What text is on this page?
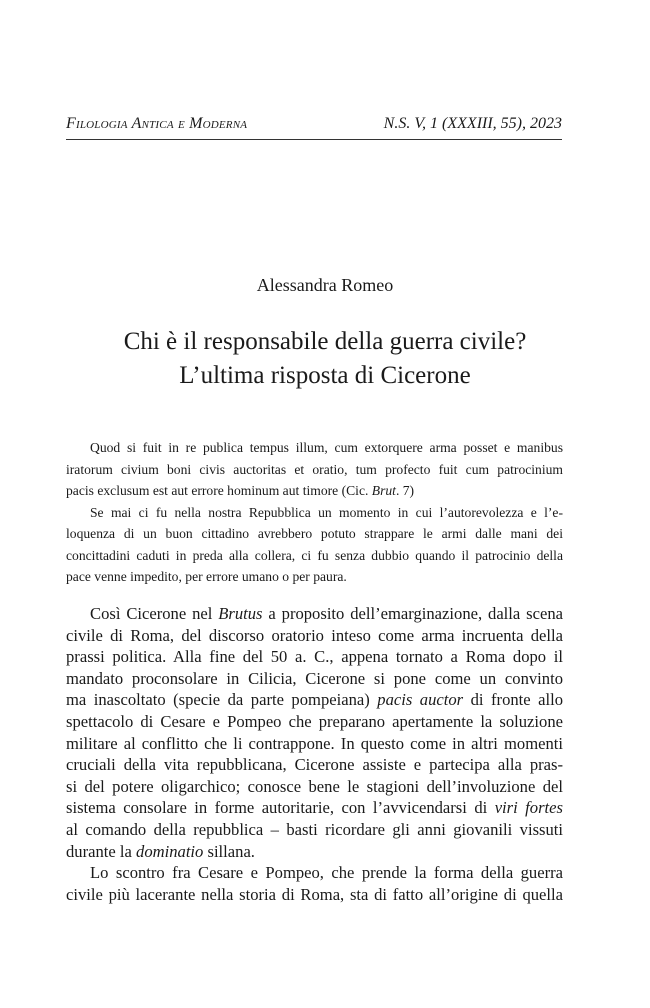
Filologia Antica e Moderna	N.S. V, 1 (XXXIII, 55), 2023
Alessandra Romeo
Chi è il responsabile della guerra civile?
L’ultima risposta di Cicerone
Quod si fuit in re publica tempus illum, cum extorquere arma posset e manibus
iratorum civium boni civis auctoritas et oratio, tum profecto fuit cum patrocinium
pacis exclusum est aut errore hominum aut timore (Cic. Brut. 7)
Se mai ci fu nella nostra Repubblica un momento in cui l’autorevolezza e l’e-
loquenza di un buon cittadino avrebbero potuto strappare le armi dalle mani dei
concittadini caduti in preda alla collera, ci fu senza dubbio quando il patrocinio della
pace venne impedito, per errore umano o per paura.
Così Cicerone nel Brutus a proposito dell’emarginazione, dalla scena
civile di Roma, del discorso oratorio inteso come arma incruenta della
prassi politica. Alla fine del 50 a. C., appena tornato a Roma dopo il
mandato proconsolare in Cilicia, Cicerone si pone come un convinto
ma inascoltato (specie da parte pompeiana) pacis auctor di fronte allo
spettacolo di Cesare e Pompeo che preparano apertamente la soluzione
militare al conflitto che li contrappone. In questo come in altri momenti
cruciali della vita repubblicana, Cicerone assiste e partecipa alla pras-
si del potere oligarchico; conosce bene le stagioni dell’involuzione del
sistema consolare in forme autoritarie, con l’avvicendarsi di viri fortes
al comando della repubblica – basti ricordare gli anni giovanili vissuti
durante la dominatio sillana.
Lo scontro fra Cesare e Pompeo, che prende la forma della guerra
civile più lacerante nella storia di Roma, sta di fatto all’origine di quella
